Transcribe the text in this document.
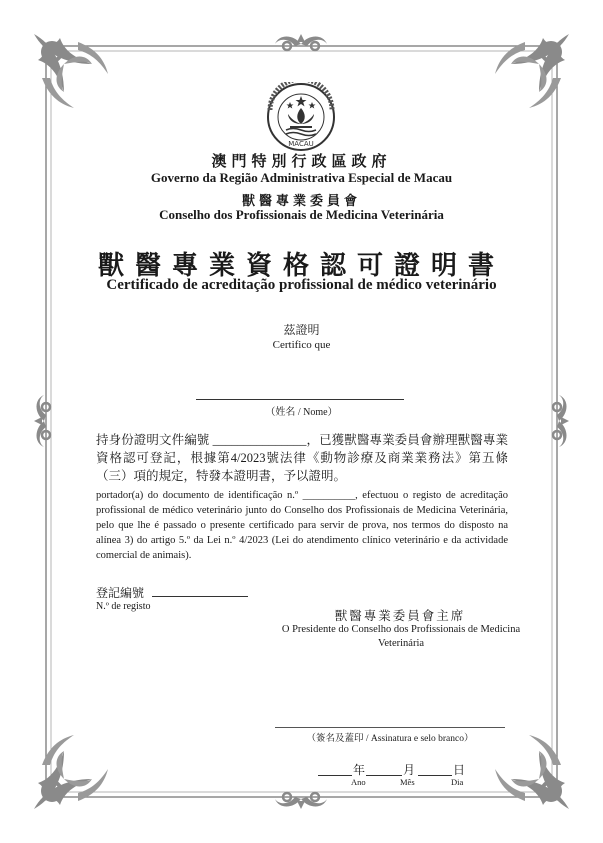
MACAU
澳門特別行政區政府
Governo da Região Administrativa Especial de Macau
獸醫專業委員會
Conselho dos Profissionais de Medicina Veterinária
獸醫專業資格認可證明書
Certificado de acreditação profissional de médico veterinário
茲證明
Certifico que
（姓名 / Nome）
持身份證明文件編號 _______________，已獲獸醫專業委員會辦理獸醫專業資格認可登記，根據第4/2023號法律《動物診療及商業業務法》第五條（三）項的規定，特發本證明書，予以證明。
portador(a) do documento de identificação n.º __________, efectuou o registo de acreditação profissional de médico veterinário junto do Conselho dos Profissionais de Medicina Veterinária, pelo que lhe é passado o presente certificado para servir de prova, nos termos do disposto na alínea 3) do artigo 5.º da Lei n.º 4/2023 (Lei do atendimento clínico veterinário e da actividade comercial de animais).
登記編號
N.º de registo
獸醫專業委員會主席
O Presidente do Conselho dos Profissionais de Medicina Veterinária
（簽名及蓋印 / Assinatura e selo branco）
年
Ano
月
Mês
日
Dia
